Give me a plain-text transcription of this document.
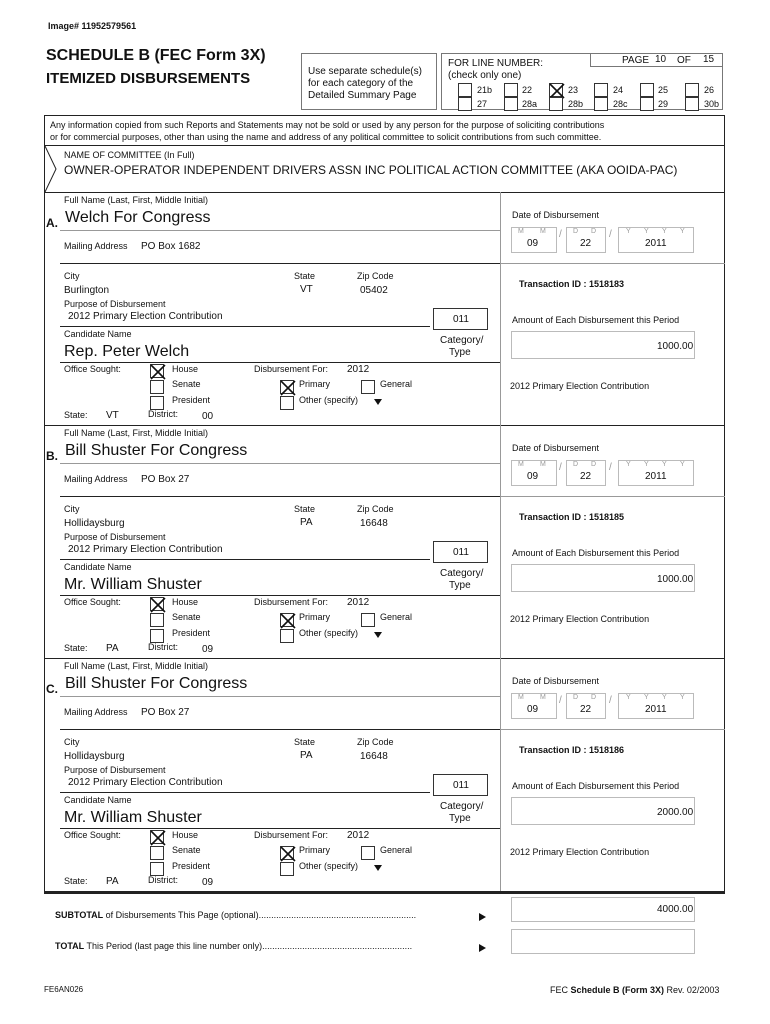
Image# 11952579561
SCHEDULE B (FEC Form 3X)
ITEMIZED DISBURSEMENTS	Use separate schedule(s)
for each category of the
Detailed Summary Page
FOR LINE NUMBER:
(check only one)
PAGE 10 OF 15
21b	22	23	24	25	26
27	28a	28b	28c	29	30b
Any information copied from such Reports and Statements may not be sold or used by any person for the purpose of soliciting contributions
or for commercial purposes, other than using the name and address of any political committee to solicit contributions from such committee.
NAME OF COMMITTEE (In Full)
OWNER-OPERATOR INDEPENDENT DRIVERS ASSN INC POLITICAL ACTION COMMITTEE (AKA OOIDA-PAC)
Full Name (Last, First, Middle Initial)
A. Welch For Congress
Mailing Address PO Box 1682
City
Burlington
State
VT
Zip Code
05402
Purpose of Disbursement
2012 Primary Election Contribution	011
Candidate Name
Category/
Type
Rep. Peter Welch
Office Sought:	House
Senate
President
State: VT	District: 00
Disbursement For: 2012
Primary	General
Other (specify)
Date of Disbursement
M M
09
/ D D
22
/ Y Y Y Y
2011
Transaction ID : 1518183
Amount of Each Disbursement this Period
1000.00
2012 Primary Election Contribution
Full Name (Last, First, Middle Initial)
B. Bill Shuster For Congress
Mailing Address PO Box 27
City
Hollidaysburg
State
PA
Zip Code
16648
Purpose of Disbursement
2012 Primary Election Contribution	011
Candidate Name
Category/
Type
Mr. William Shuster
Office Sought:	House
Senate
President
State: PA	District: 09
Disbursement For: 2012
Primary	General
Other (specify)
Date of Disbursement
M M
09
/ D D
22
/ Y Y Y Y
2011
Transaction ID : 1518185
Amount of Each Disbursement this Period
1000.00
2012 Primary Election Contribution
Full Name (Last, First, Middle Initial)
C. Bill Shuster For Congress
Mailing Address PO Box 27
City
Hollidaysburg
State
PA
Zip Code
16648
Purpose of Disbursement
2012 Primary Election Contribution	011
Candidate Name
Category/
Type
Mr. William Shuster
Office Sought:	House
Senate
President
State: PA	District: 09
Disbursement For: 2012
Primary	General
Other (specify)
Date of Disbursement
M M
09
/ D D
22
/ Y Y Y Y
2011
Transaction ID : 1518186
Amount of Each Disbursement this Period
2000.00
2012 Primary Election Contribution
SUBTOTAL of Disbursements This Page (optional)...............................................................	4000.00
TOTAL This Period (last page this line number only)............................................................
FE6AN026	FEC Schedule B (Form 3X) Rev. 02/2003
